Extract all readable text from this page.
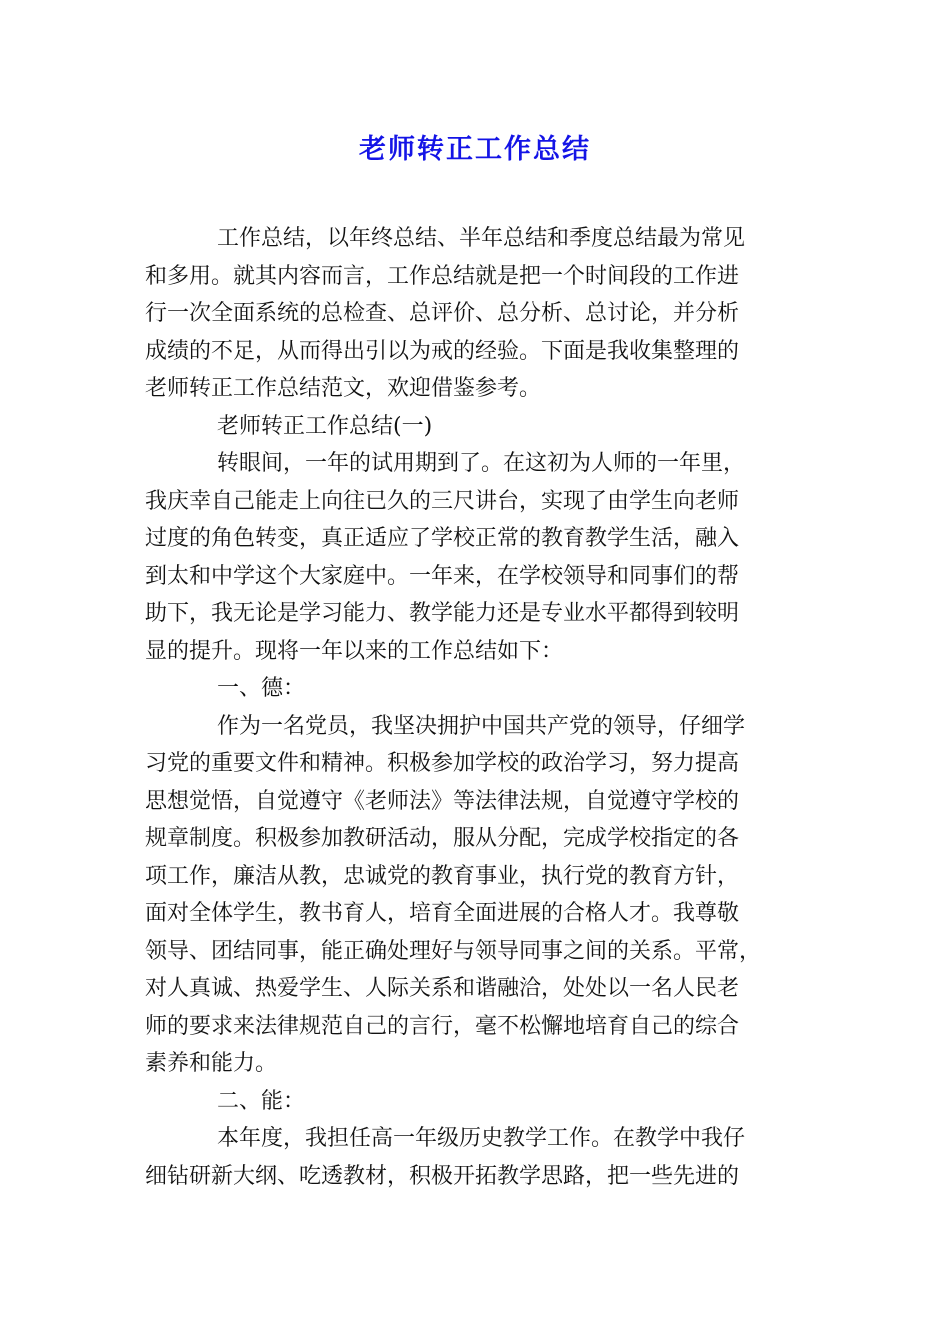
老师转正工作总结
工作总结，以年终总结、半年总结和季度总结最为常见
和多用。就其内容而言，工作总结就是把一个时间段的工作进
行一次全面系统的总检查、总评价、总分析、总讨论，并分析
成绩的不足，从而得出引以为戒的经验。下面是我收集整理的
老师转正工作总结范文，欢迎借鉴参考。
老师转正工作总结(一)
转眼间，一年的试用期到了。在这初为人师的一年里，
我庆幸自己能走上向往已久的三尺讲台，实现了由学生向老师
过度的角色转变，真正适应了学校正常的教育教学生活，融入
到太和中学这个大家庭中。一年来，在学校领导和同事们的帮
助下，我无论是学习能力、教学能力还是专业水平都得到较明
显的提升。现将一年以来的工作总结如下：
一、德：
作为一名党员，我坚决拥护中国共产党的领导，仔细学
习党的重要文件和精神。积极参加学校的政治学习，努力提高
思想觉悟，自觉遵守《老师法》等法律法规，自觉遵守学校的
规章制度。积极参加教研活动，服从分配，完成学校指定的各
项工作，廉洁从教，忠诚党的教育事业，执行党的教育方针，
面对全体学生，教书育人，培育全面进展的合格人才。我尊敬
领导、团结同事，能正确处理好与领导同事之间的关系。平常，
对人真诚、热爱学生、人际关系和谐融洽，处处以一名人民老
师的要求来法律规范自己的言行，毫不松懈地培育自己的综合
素养和能力。
二、能：
本年度，我担任高一年级历史教学工作。在教学中我仔
细钻研新大纲、吃透教材，积极开拓教学思路，把一些先进的
